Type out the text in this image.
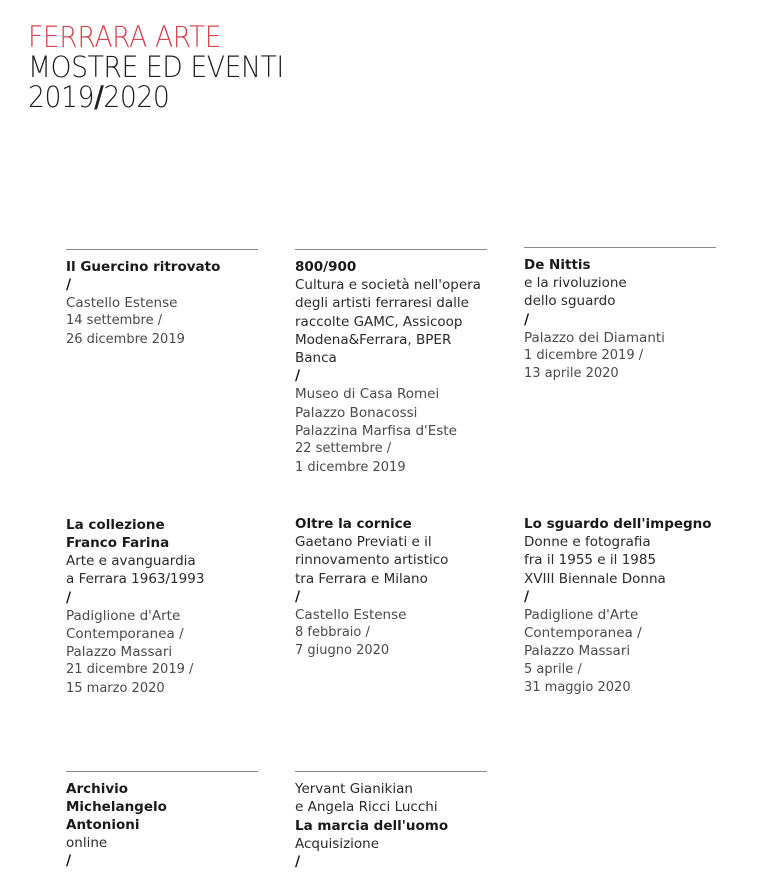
FERRARA ARTE
MOSTRE ED EVENTI
2019/2020
Il Guercino ritrovato
/
Castello Estense
14 settembre /
26 dicembre 2019
800/900
Cultura e società nell'opera
degli artisti ferraresi dalle
raccolte GAMC, Assicoop
Modena&Ferrara, BPER
Banca
/
Museo di Casa Romei
Palazzo Bonacossi
Palazzina Marfisa d'Este
22 settembre /
1 dicembre 2019
De Nittis
e la rivoluzione
dello sguardo
/
Palazzo dei Diamanti
1 dicembre 2019 /
13 aprile 2020
La collezione
Franco Farina
Arte e avanguardia
a Ferrara 1963/1993
/
Padiglione d'Arte
Contemporanea /
Palazzo Massari
21 dicembre 2019 /
15 marzo 2020
Oltre la cornice
Gaetano Previati e il
rinnovamento artistico
tra Ferrara e Milano
/
Castello Estense
8 febbraio /
7 giugno 2020
Lo sguardo dell'impegno
Donne e fotografia
fra il 1955 e il 1985
XVIII Biennale Donna
/
Padiglione d'Arte
Contemporanea /
Palazzo Massari
5 aprile /
31 maggio 2020
Archivio
Michelangelo
Antonioni
online
/
Yervant Gianikian
e Angela Ricci Lucchi
La marcia dell'uomo
Acquisizione
/
